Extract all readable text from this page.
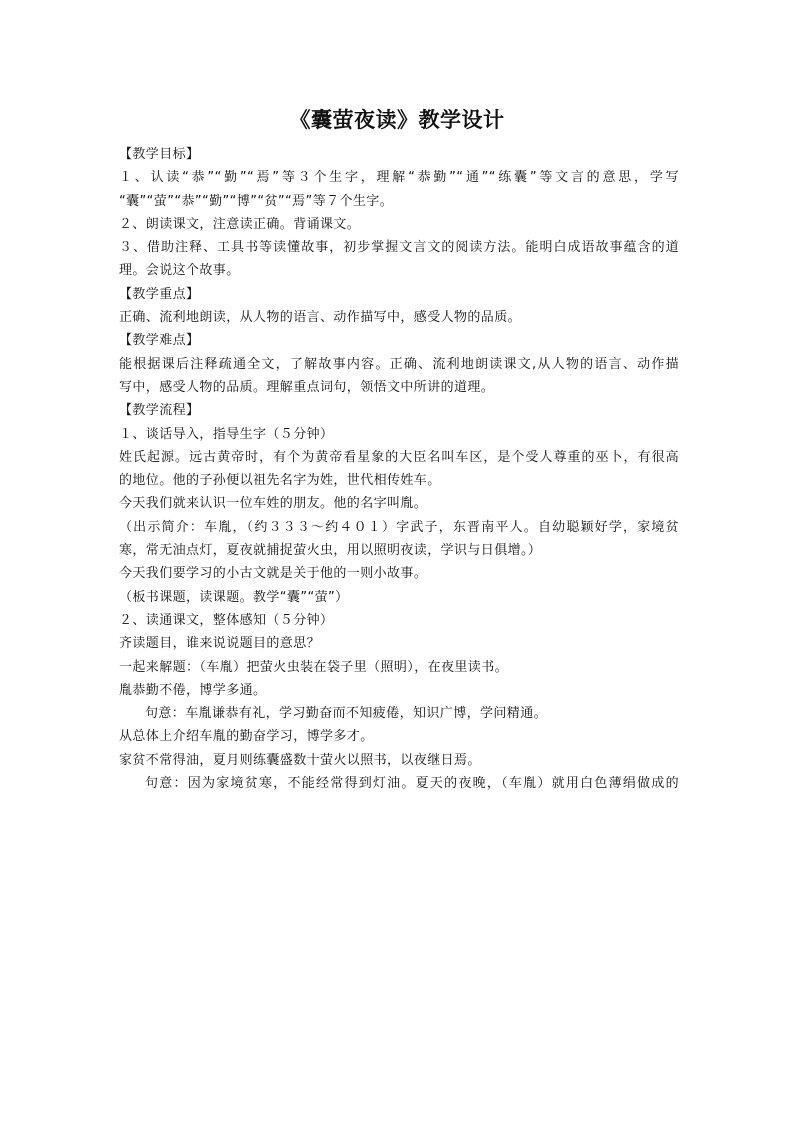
《囊萤夜读》教学设计
【教学目标】
１、认读“恭”“勤”“焉”等３个生字，理解“恭勤”“通”“练囊”等文言的意思，学写
“囊”“萤”“恭”“勤”“博”“贫”“焉”等７个生字。
２、朗读课文，注意读正确。背诵课文。
３、借助注释、工具书等读懂故事，初步掌握文言文的阅读方法。能明白成语故事蕴含的道
理。会说这个故事。
【教学重点】
正确、流利地朗读，从人物的语言、动作描写中，感受人物的品质。
【教学难点】
能根据课后注释疏通全文，了解故事内容。正确、流利地朗读课文,从人物的语言、动作描
写中，感受人物的品质。理解重点词句，领悟文中所讲的道理。
【教学流程】
１、谈话导入，指导生字（５分钟）
姓氏起源。远古黄帝时，有个为黄帝看星象的大臣名叫车区，是个受人尊重的巫卜，有很高
的地位。他的子孙便以祖先名字为姓，世代相传姓车。
今天我们就来认识一位车姓的朋友。他的名字叫胤。
（出示简介：车胤，（约３３３～约４０１）字武子，东晋南平人。自幼聪颖好学，家境贫
寒，常无油点灯，夏夜就捕捉萤火虫，用以照明夜读，学识与日俱增。）
今天我们要学习的小古文就是关于他的一则小故事。
（板书课题，读课题。教学“囊”“萤”）
２、读通课文，整体感知（５分钟）
齐读题目，谁来说说题目的意思？
一起来解题：（车胤）把萤火虫装在袋子里（照明），在夜里读书。
胤恭勤不倦，博学多通。
句意：车胤谦恭有礼，学习勤奋而不知疲倦，知识广博，学问精通。
从总体上介绍车胤的勤奋学习，博学多才。
家贫不常得油，夏月则练囊盛数十萤火以照书，以夜继日焉。
句意：因为家境贫寒，不能经常得到灯油。夏天的夜晚，（车胤）就用白色薄绢做成的
